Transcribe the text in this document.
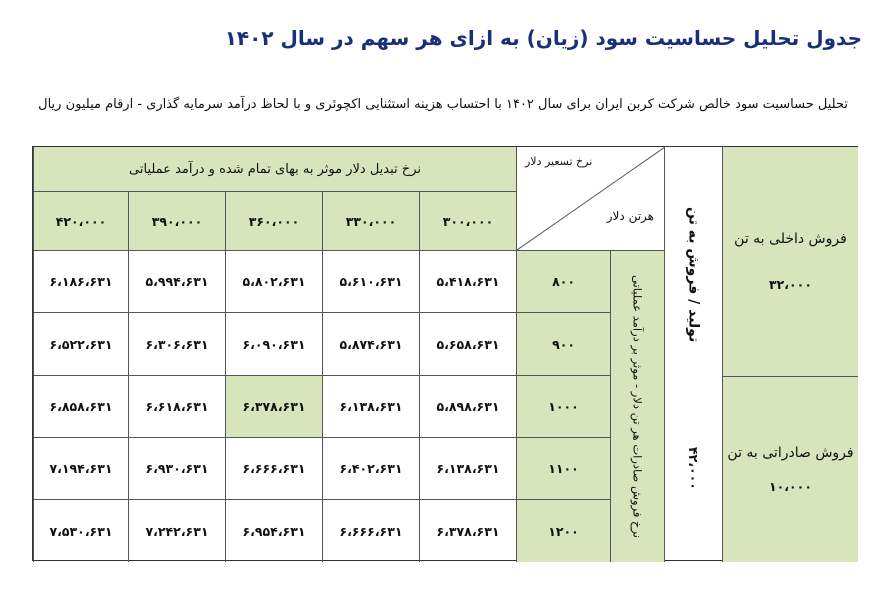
جدول تحلیل حساسیت سود (زیان) به ازای هر سهم در سال ۱۴۰۲
تحلیل حساسیت سود خالص شرکت کربن ایران برای سال ۱۴۰۲ با احتساب هزینه استثنایی اکچوئری و با لحاظ درآمد سرمایه گذاری - ارقام میلیون ریال
فروش داخلی به تن
۳۲،۰۰۰
فروش صادراتی به تن
۱۰،۰۰۰
تولید / فروش به تن
۴۲،۰۰۰
نرخ فروش صادرات هر تن دلار - موثر بر درآمد عملیاتی
نرخ تسعیر دلار
هرتن دلار
نرخ تبدیل دلار موثر به بهای تمام شده و درآمد عملیاتی
۳۰۰،۰۰۰
۳۳۰،۰۰۰
۳۶۰،۰۰۰
۳۹۰،۰۰۰
۴۲۰،۰۰۰
۸۰۰
۹۰۰
۱۰۰۰
۱۱۰۰
۱۲۰۰
۵،۴۱۸،۶۳۱
۵،۶۱۰،۶۳۱
۵،۸۰۲،۶۳۱
۵،۹۹۴،۶۳۱
۶،۱۸۶،۶۳۱
۵،۶۵۸،۶۳۱
۵،۸۷۴،۶۳۱
۶،۰۹۰،۶۳۱
۶،۳۰۶،۶۳۱
۶،۵۲۲،۶۳۱
۵،۸۹۸،۶۳۱
۶،۱۳۸،۶۳۱
۶،۳۷۸،۶۳۱
۶،۶۱۸،۶۳۱
۶،۸۵۸،۶۳۱
۶،۱۳۸،۶۳۱
۶،۴۰۲،۶۳۱
۶،۶۶۶،۶۳۱
۶،۹۳۰،۶۳۱
۷،۱۹۴،۶۳۱
۶،۳۷۸،۶۳۱
۶،۶۶۶،۶۳۱
۶،۹۵۴،۶۳۱
۷،۲۴۲،۶۳۱
۷،۵۳۰،۶۳۱
